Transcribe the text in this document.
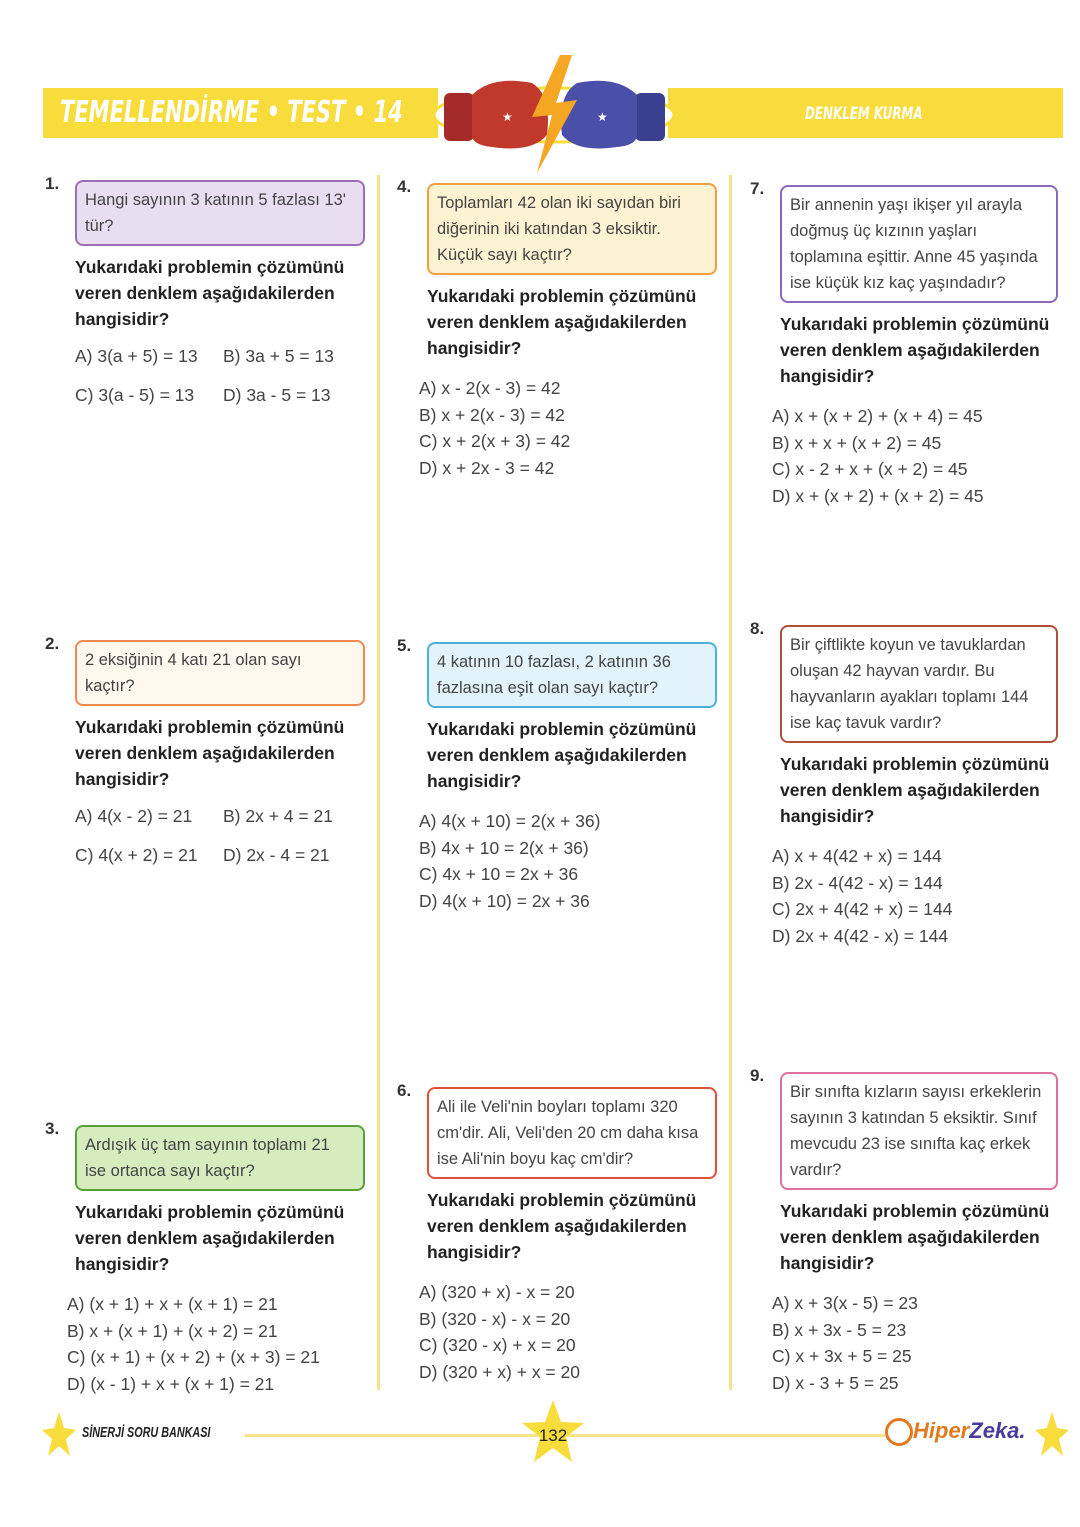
TEMELLENDİRME • TEST • 14	DENKLEM KURMA
★	★
1.
Hangi sayının 3 katının 5 fazlası 13' tür?
Yukarıdaki problemin çözümünü veren denklem aşağıdakilerden hangisidir?
A) 3(a + 5) = 13	B) 3a + 5 = 13
C) 3(a - 5) = 13	D) 3a - 5 = 13
4.
Toplamları 42 olan iki sayıdan biri diğerinin iki katından 3 eksiktir. Küçük sayı kaçtır?
Yukarıdaki problemin çözümünü veren denklem aşağıdakilerden hangisidir?
A) x - 2(x - 3) = 42
B) x + 2(x - 3) = 42
C) x + 2(x + 3) = 42
D) x + 2x - 3 = 42
7.
Bir annenin yaşı ikişer yıl arayla doğmuş üç kızının yaşları toplamına eşittir. Anne 45 yaşında ise küçük kız kaç yaşındadır?
Yukarıdaki problemin çözümünü veren denklem aşağıdakilerden hangisidir?
A) x + (x + 2) + (x + 4) = 45
B) x + x + (x + 2) = 45
C) x - 2 + x + (x + 2) = 45
D) x + (x + 2) + (x + 2) = 45
2.
2 eksiğinin 4 katı 21 olan sayı kaçtır?
Yukarıdaki problemin çözümünü veren denklem aşağıdakilerden hangisidir?
A) 4(x - 2) = 21	B) 2x + 4 = 21
C) 4(x + 2) = 21	D) 2x - 4 = 21
5.
4 katının 10 fazlası, 2 katının 36 fazlasına eşit olan sayı kaçtır?
Yukarıdaki problemin çözümünü veren denklem aşağıdakilerden hangisidir?
A) 4(x + 10) = 2(x + 36)
B) 4x + 10 = 2(x + 36)
C) 4x + 10 = 2x + 36
D) 4(x + 10) = 2x + 36
8.
Bir çiftlikte koyun ve tavuklardan oluşan 42 hayvan vardır. Bu hayvanların ayakları toplamı 144 ise kaç tavuk vardır?
Yukarıdaki problemin çözümünü veren denklem aşağıdakilerden hangisidir?
A) x + 4(42 + x) = 144
B) 2x - 4(42 - x) = 144
C) 2x + 4(42 + x) = 144
D) 2x + 4(42 - x) = 144
3.
Ardışık üç tam sayının toplamı 21 ise ortanca sayı kaçtır?
Yukarıdaki problemin çözümünü veren denklem aşağıdakilerden hangisidir?
A) (x + 1) + x + (x + 1) = 21
B) x + (x + 1) + (x + 2) = 21
C) (x + 1) + (x + 2) + (x + 3) = 21
D) (x - 1) + x + (x + 1) = 21
6.
Ali ile Veli'nin boyları toplamı 320 cm'dir. Ali, Veli'den 20 cm daha kısa ise Ali'nin boyu kaç cm'dir?
Yukarıdaki problemin çözümünü veren denklem aşağıdakilerden hangisidir?
A) (320 + x) - x = 20
B) (320 - x) - x = 20
C) (320 - x) + x = 20
D) (320 + x) + x = 20
9.
Bir sınıfta kızların sayısı erkeklerin sayının 3 katından 5 eksiktir. Sınıf mevcudu 23 ise sınıfta kaç erkek vardır?
Yukarıdaki problemin çözümünü veren denklem aşağıdakilerden hangisidir?
A) x + 3(x - 5) = 23
B) x + 3x - 5 = 23
C) x + 3x + 5 = 25
D) x - 3 + 5 = 25
SİNERJİ SORU BANKASI	132	HiperZeka.
